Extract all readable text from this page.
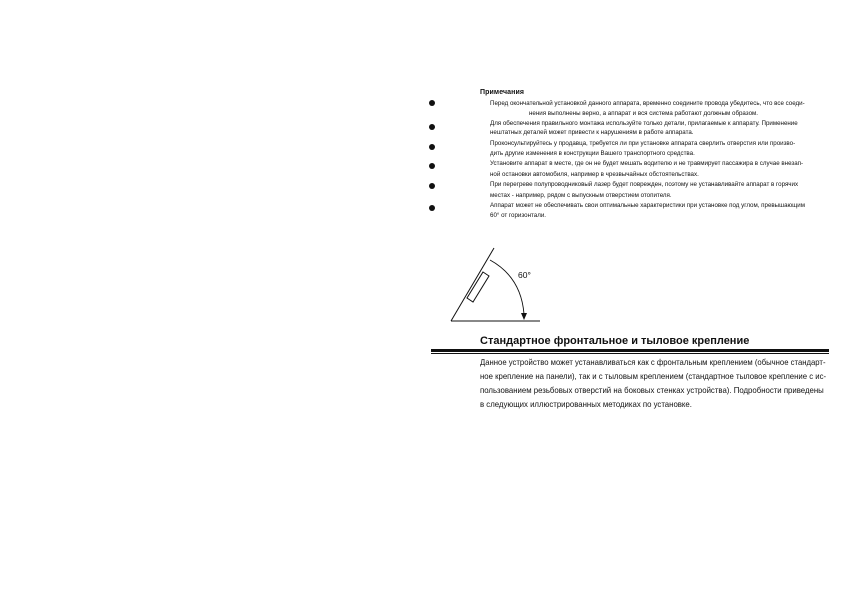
Примечания
Перед окончательной установкой данного аппарата, временно соедините провода убедитесь, что все соеди-
нения выполнены верно, а аппарат и вся система работают должным образом.
Для обеспечения правильного монтажа используйте только детали, прилагаемые к аппарату. Применение
нештатных деталей может привести к нарушениям в работе аппарата.
Проконсультируйтесь у продавца, требуется ли при установке аппарата сверлить отверстия или произво-
дить другие изменения в конструкции Вашего транспортного средства.
Установите аппарат в месте, где он не будет мешать водителю и не травмирует пассажира в случае внезап-
ной остановки автомобиля, например в чрезвычайных обстоятельствах.
При перегреве полупроводниковый лазер будет поврежден, поэтому не устанавливайте аппарат в горячих
местах - например, рядом с выпускным отверстием отопителя.
Аппарат может не обеспечивать свои оптимальные характеристики при установке под углом, превышающим
60° от горизонтали.
60°
Стандартное фронтальное и тыловое крепление
Данное устройство может устанавливаться как с фронтальным креплением (обычное стандарт-
ное крепление на панели), так и с тыловым креплением (стандартное тыловое крепление с ис-
пользованием резьбовых отверстий на боковых стенках устройства). Подробности приведены
в следующих иллюстрированных методиках по установке.
